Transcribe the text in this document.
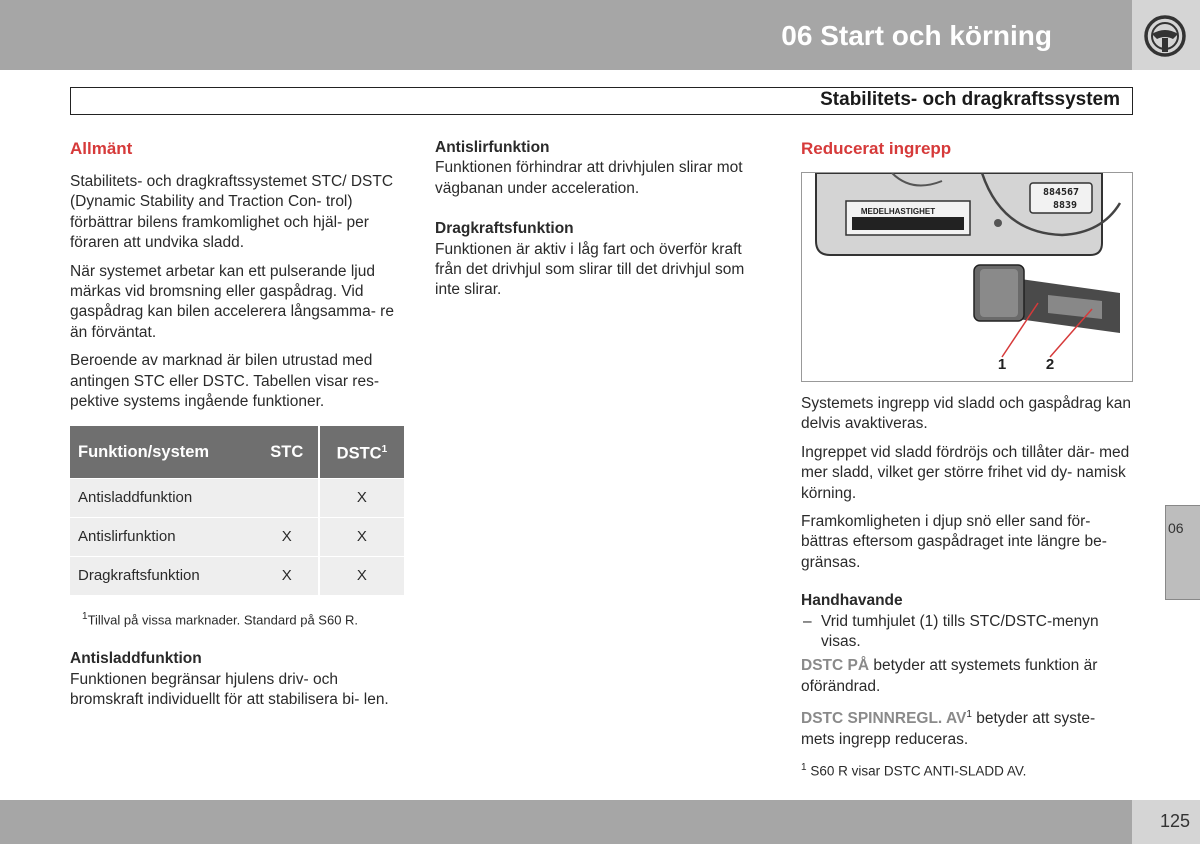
06 Start och körning
Stabilitets- och dragkraftssystem
Allmänt

Stabilitets- och dragkraftssystemet STC/ DSTC (Dynamic Stability and Traction Con- trol) förbättrar bilens framkomlighet och hjäl- per föraren att undvika sladd.

När systemet arbetar kan ett pulserande ljud märkas vid bromsning eller gaspådrag. Vid gaspådrag kan bilen accelerera långsamma- re än förväntat.

Beroende av marknad är bilen utrustad med antingen STC eller DSTC. Tabellen visar res- pektive systems ingående funktioner.

Funktion/system	STC	DSTC$^1$
Antisladdfunktion		X
Antislirfunktion	X	X
Dragkraftsfunktion	X	X
$^1$Tillval på vissa marknader. Standard på S60 R.
Antisladdfunktion

Funktionen begränsar hjulens driv- och bromskraft individuellt för att stabilisera bi- len.

Antislirfunktion

Funktionen förhindrar att drivhjulen slirar mot vägbanan under acceleration.

Dragkraftsfunktion

Funktionen är aktiv i låg fart och överför kraft från det drivhjul som slirar till det drivhjul som inte slirar.

Reducerat ingrepp
884567
8839
MEDELHASTIGHET
1	2

Systemets ingrepp vid sladd och gaspådrag kan delvis avaktiveras.

Ingreppet vid sladd fördröjs och tillåter där- med mer sladd, vilket ger större frihet vid dy- namisk körning.

Framkomligheten i djup snö eller sand för- bättras eftersom gaspådraget inte längre be- gränsas.

Handhavande
– Vrid tumhjulet (1) tills STC/DSTC-menyn visas.

DSTC PÅ betyder att systemets funktion är oförändrad.

DSTC SPINNREGL. $AV^1$ betyder att syste- mets ingrepp reduceras.

$^1$ S60 R visar DSTC ANTI-SLADD AV.
06
125
